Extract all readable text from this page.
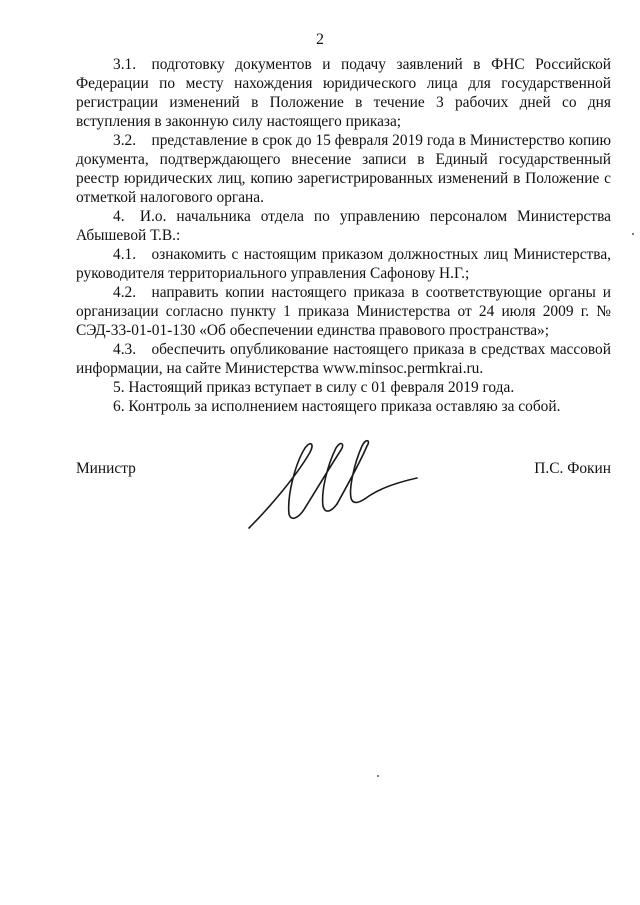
2

3.1. подготовку документов и подачу заявлений в ФНС Российской Федерации по месту нахождения юридического лица для государственной регистрации изменений в Положение в течение 3 рабочих дней со дня вступления в законную силу настоящего приказа;

3.2. представление в срок до 15 февраля 2019 года в Министерство копию документа, подтверждающего внесение записи в Единый государственный реестр юридических лиц, копию зарегистрированных изменений в Положение с отметкой налогового органа.

4. И.о. начальника отдела по управлению персоналом Министерства Абышевой Т.В.:

4.1. ознакомить с настоящим приказом должностных лиц Министерства, руководителя территориального управления Сафонову Н.Г.;

4.2. направить копии настоящего приказа в соответствующие органы и организации согласно пункту 1 приказа Министерства от 24 июля 2009 г. № СЭД-33-01-01-130 «Об обеспечении единства правового пространства»;

4.3. обеспечить опубликование настоящего приказа в средствах массовой информации, на сайте Министерства www.minsoc.permkrai.ru.

5. Настоящий приказ вступает в силу с 01 февраля 2019 года.

6. Контроль за исполнением настоящего приказа оставляю за собой.

Министр	П.С. Фокин
